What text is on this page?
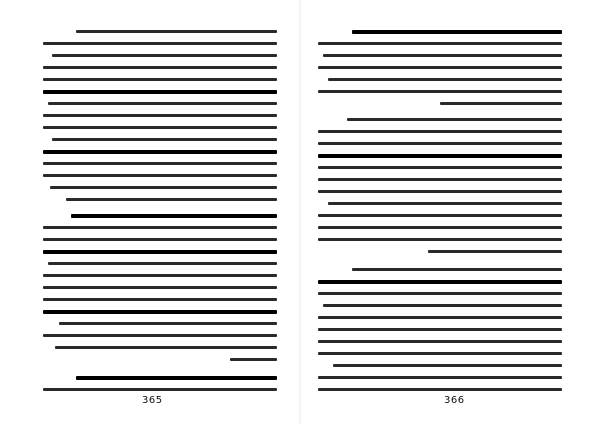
365	366
